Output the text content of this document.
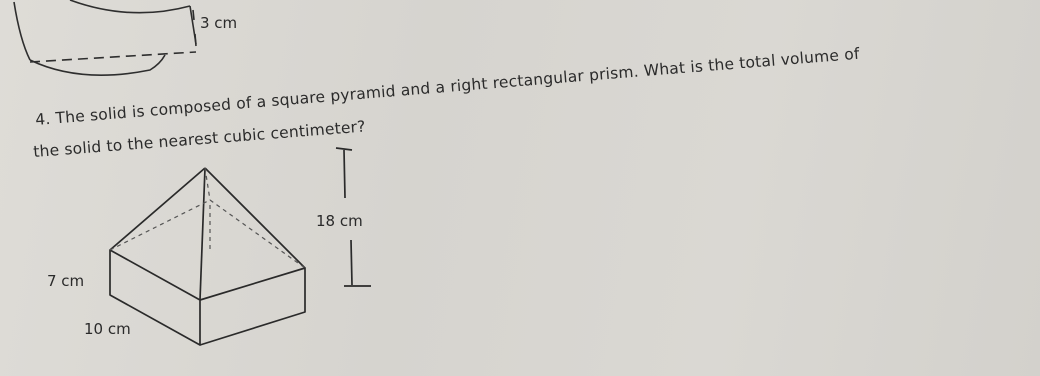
3 cm
4. The solid is composed of a square pyramid and a right rectangular prism. What is the total volume of
the solid to the nearest cubic centimeter?
18 cm
7 cm
10 cm
